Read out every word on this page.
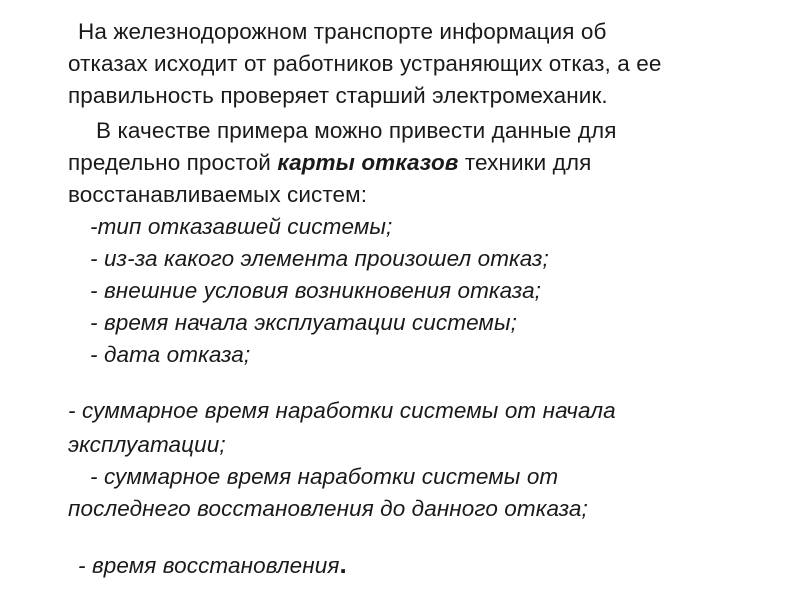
На железнодорожном транспорте информация об
отказах исходит от работников устраняющих отказ, а ее
правильность проверяет старший электромеханик.
В качестве примера можно привести данные для
предельно простой карты отказов техники для
восстанавливаемых систем:
-тип отказавшей системы;
- из-за какого элемента произошел отказ;
- внешние условия возникновения отказа;
- время начала эксплуатации системы;
- дата отказа;
- суммарное время наработки системы от начала
эксплуатации;
- суммарное время наработки системы от
последнего восстановления до данного отказа;
- время восстановления.
